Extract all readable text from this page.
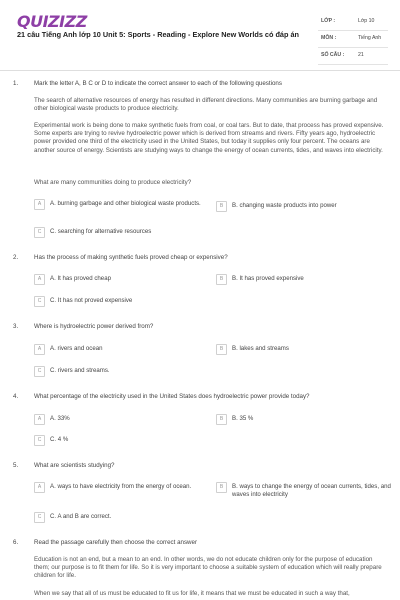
QUIZIZZ
21 câu Tiếng Anh lớp 10 Unit 5: Sports - Reading - Explore New Worlds có đáp án
LỚP :	Lớp 10
MÔN :	Tiếng Anh
SỐ CÂU :	21
1.	Mark the letter A, B C or D to indicate the correct answer to each of the following questions
The search of alternative resources of energy has resulted in different directions. Many communities are burning garbage and other biological waste products to produce electricity.
Experimental work is being done to make synthetic fuels from coal, or coal tars. But to date, that process has proved expensive. Some experts are trying to revive hydroelectric power which is derived from streams and rivers. Fifty years ago, hydroelectric power provided one third of the electricity used in the United States, but today it supplies only four percent. The oceans are another source of energy. Scientists are studying ways to change the energy of ocean currents, tides, and waves into electricity.
What are many communities doing to produce electricity?
A	A. burning garbage and other biological waste products.	B	B. changing waste products into power
C	C. searching for alternative resources
2.	Has the process of making synthetic fuels proved cheap or expensive?
A	A. It has proved cheap	B	B. It has proved expensive
C	C. It has not proved expensive
3.	Where is hydroelectric power derived from?
A	A. rivers and ocean	B	B. lakes and streams
C	C. rivers and streams.
4.	What percentage of the electricity used in the United States does hydroelectric power provide today?
A	A. 33%	B	B. 35 %
C	C. 4 %
5.	What are scientists studying?
A	A. ways to have electricity from the energy of ocean.	B	B. ways to change the energy of ocean currents, tides, and waves into electricity
C	C. A and B are correct.
6.	Read the passage carefully then choose the correct answer
Education is not an end, but a mean to an end. In other words, we do not educate children only for the purpose of education them; our purpose is to fit them for life. So it is very important to choose a suitable system of education which will really prepare children for life.
When we say that all of us must be educated to fit us for life, it means that we must be educated in such a way that,
